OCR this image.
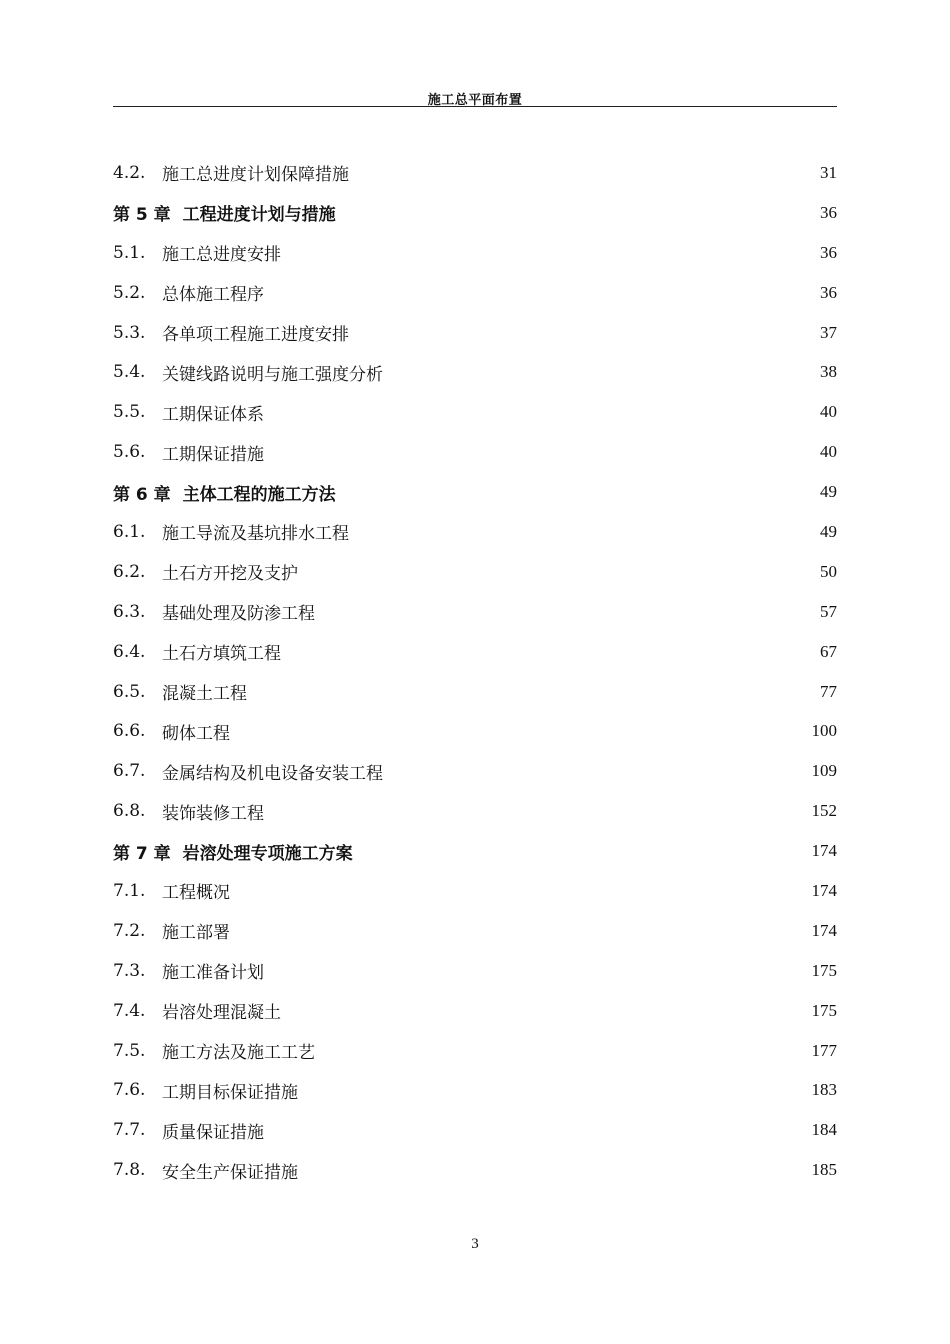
施工总平面布置
4.2. 施工总进度计划保障措施	31
第 5 章 工程进度计划与措施	36
5.1. 施工总进度安排	36
5.2. 总体施工程序	36
5.3. 各单项工程施工进度安排	37
5.4. 关键线路说明与施工强度分析	38
5.5. 工期保证体系	40
5.6. 工期保证措施	40
第 6 章 主体工程的施工方法	49
6.1. 施工导流及基坑排水工程	49
6.2. 土石方开挖及支护	50
6.3. 基础处理及防渗工程	57
6.4. 土石方填筑工程	67
6.5. 混凝土工程	77
6.6. 砌体工程	100
6.7. 金属结构及机电设备安装工程	109
6.8. 装饰装修工程	152
第 7 章 岩溶处理专项施工方案	174
7.1. 工程概况	174
7.2. 施工部署	174
7.3. 施工准备计划	175
7.4. 岩溶处理混凝土	175
7.5. 施工方法及施工工艺	177
7.6. 工期目标保证措施	183
7.7. 质量保证措施	184
7.8. 安全生产保证措施	185
3
